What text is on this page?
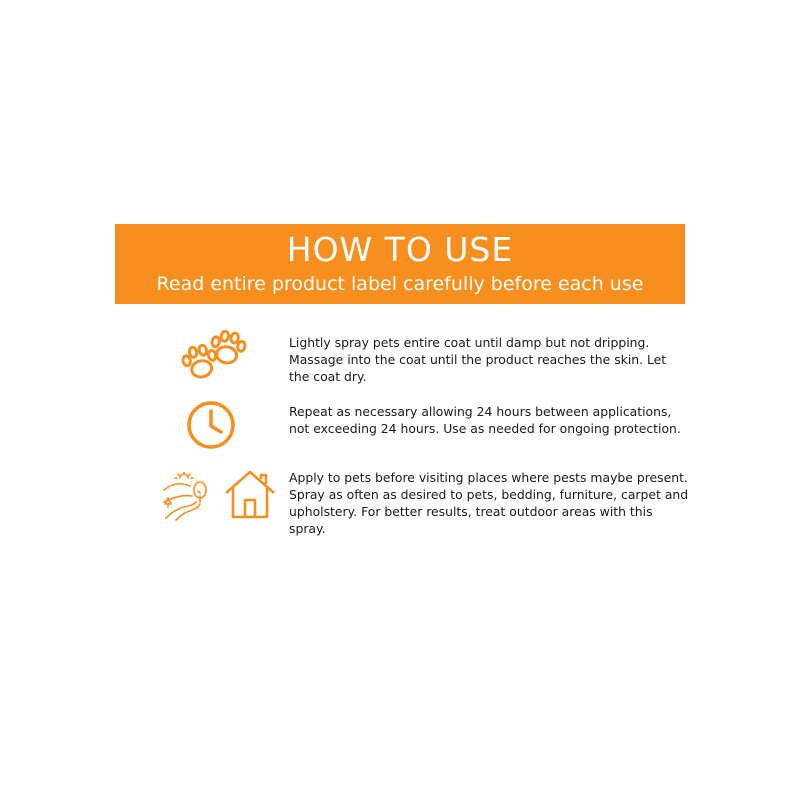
HOW TO USE
Read entire product label carefully before each use
Lightly spray pets entire coat until damp but not dripping. Massage into the coat until the product reaches the skin. Let the coat dry.
Repeat as necessary allowing 24 hours between applications, not exceeding 24 hours. Use as needed for ongoing protection.
Apply to pets before visiting places where pests maybe present. Spray as often as desired to pets, bedding, furniture, carpet and upholstery. For better results, treat outdoor areas with this spray.
